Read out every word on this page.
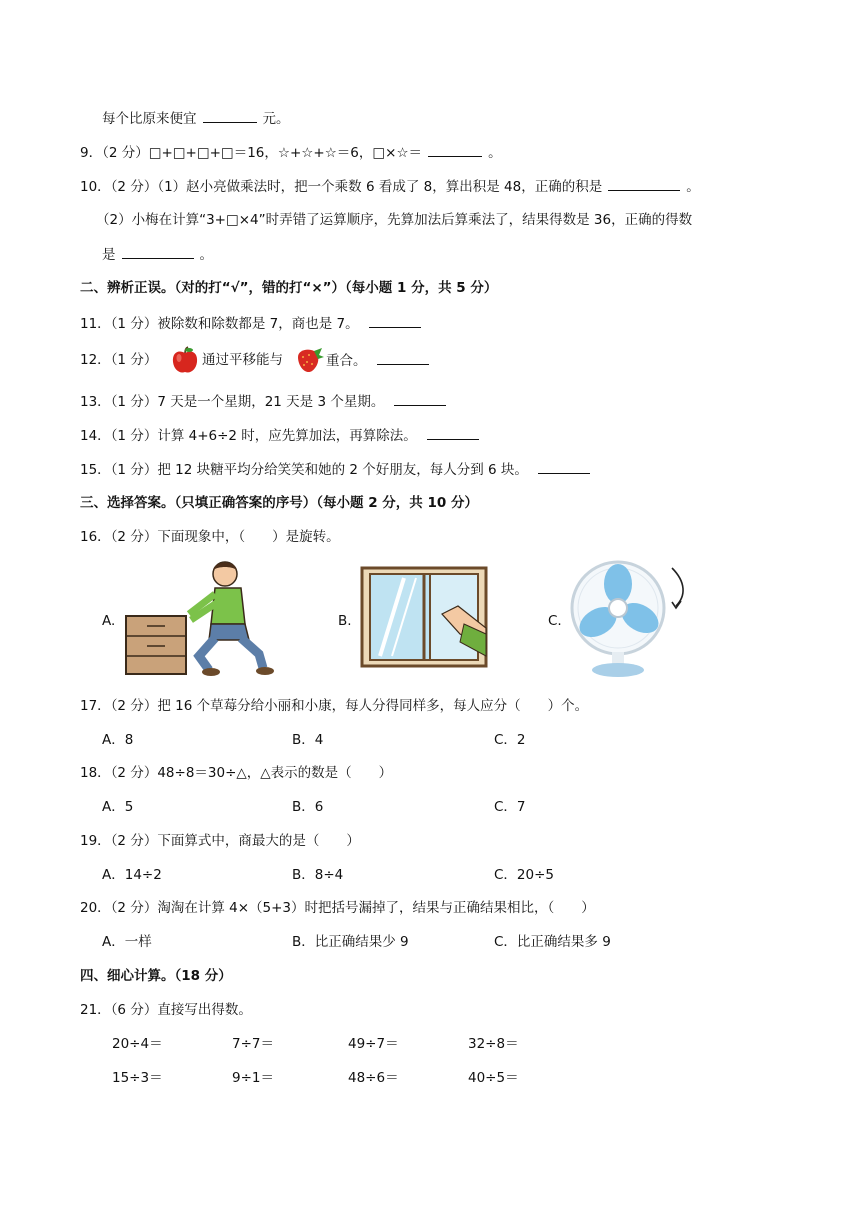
每个比原来便宜	元。
9．（2 分）□+□+□+□＝16，☆+☆+☆＝6，□×☆＝	。
10．（2 分）（1）赵小亮做乘法时，把一个乘数 6 看成了 8，算出积是 48，正确的积是	。
（2）小梅在计算“3+□×4”时弄错了运算顺序，先算加法后算乘法了，结果得数是 36，正确的得数
是	。
二、辨析正误。（对的打“√”，错的打“×”）（每小题 1 分，共 5 分）
11．（1 分）被除数和除数都是 7，商也是 7。
12．（1 分）	通过平移能与	重合。
13．（1 分）7 天是一个星期，21 天是 3 个星期。
14．（1 分）计算 4+6÷2 时，应先算加法，再算除法。
15．（1 分）把 12 块糖平均分给笑笑和她的 2 个好朋友，每人分到 6 块。
三、选择答案。（只填正确答案的序号）（每小题 2 分，共 10 分）
16．（2 分）下面现象中，（　　）是旋转。
A.	B.	C.
17．（2 分）把 16 个草莓分给小丽和小康，每人分得同样多，每人应分（　　）个。
A．8	B．4	C．2
18．（2 分）48÷8＝30÷△，△表示的数是（　　）
A．5	B．6	C．7
19．（2 分）下面算式中，商最大的是（　　）
A．14÷2	B．8÷4	C．20÷5
20．（2 分）淘淘在计算 4×（5+3）时把括号漏掉了，结果与正确结果相比，（　　）
A．一样	B．比正确结果少 9	C．比正确结果多 9
四、细心计算。（18 分）
21．（6 分）直接写出得数。
20÷4＝	7÷7＝	49÷7＝	32÷8＝
15÷3＝	9÷1＝	48÷6＝	40÷5＝
